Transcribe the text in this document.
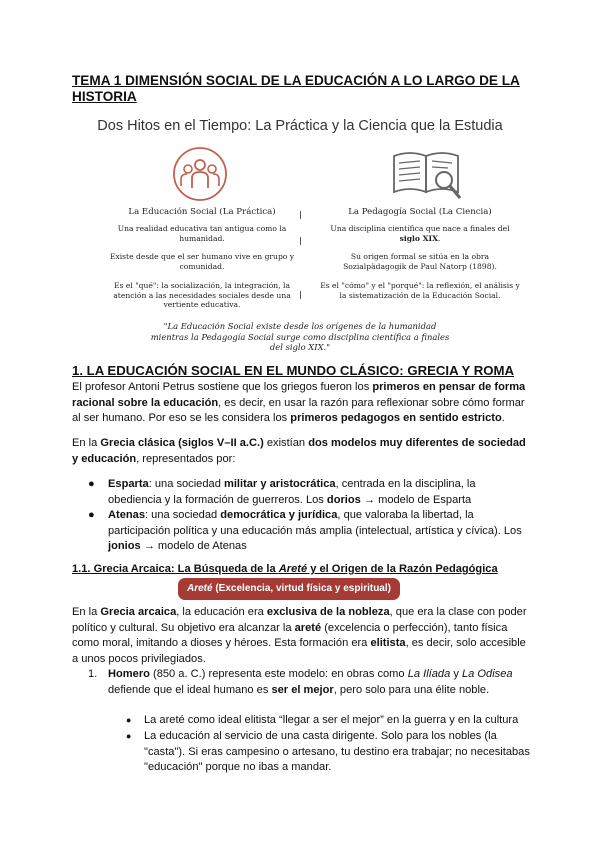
TEMA 1 DIMENSIÓN SOCIAL DE LA EDUCACIÓN A LO LARGO DE LA HISTORIA
Dos Hitos en el Tiempo: La Práctica y la Ciencia que la Estudia
La Educación Social (La Práctica)	La Pedagogía Social (La Ciencia)
Una realidad educativa tan antigua como la humanidad.
Existe desde que el ser humano vive en grupo y comunidad.
Es el "qué": la socialización, la integración, la atención a las necesidades sociales desde una vertiente educativa.
Una disciplina científica que nace a finales del siglo XIX.
Su origen formal se sitúa en la obra Sozialpädagogik de Paul Natorp (1898).
Es el "cómo" y el "porqué": la reflexión, el análisis y la sistematización de la Educación Social.
"La Educación Social existe desde los orígenes de la humanidad mientras la Pedagogía Social surge como disciplina científica a finales del siglo XIX."
1. LA EDUCACIÓN SOCIAL EN EL MUNDO CLÁSICO: GRECIA Y ROMA
El profesor Antoni Petrus sostiene que los griegos fueron los primeros en pensar de forma racional sobre la educación, es decir, en usar la razón para reflexionar sobre cómo formar al ser humano. Por eso se les considera los primeros pedagogos en sentido estricto.
En la Grecia clásica (siglos V–II a.C.) existían dos modelos muy diferentes de sociedad y educación, representados por:
● Esparta: una sociedad militar y aristocrática, centrada en la disciplina, la obediencia y la formación de guerreros. Los dorios → modelo de Esparta
● Atenas: una sociedad democrática y jurídica, que valoraba la libertad, la participación política y una educación más amplia (intelectual, artística y cívica). Los jonios → modelo de Atenas
1.1. Grecia Arcaica: La Búsqueda de la Areté y el Origen de la Razón Pedagógica
Areté (Excelencia, virtud física y espiritual)
En la Grecia arcaica, la educación era exclusiva de la nobleza, que era la clase con poder político y cultural. Su objetivo era alcanzar la areté (excelencia o perfección), tanto física como moral, imitando a dioses y héroes. Esta formación era elitista, es decir, solo accesible a unos pocos privilegiados.
1. Homero (850 a. C.) representa este modelo: en obras como La Ilíada y La Odisea defiende que el ideal humano es ser el mejor, pero solo para una élite noble.
● La areté como ideal elitista “llegar a ser el mejor” en la guerra y en la cultura
● La educación al servicio de una casta dirigente. Solo para los nobles (la "casta"). Si eras campesino o artesano, tu destino era trabajar; no necesitabas "educación" porque no ibas a mandar.
